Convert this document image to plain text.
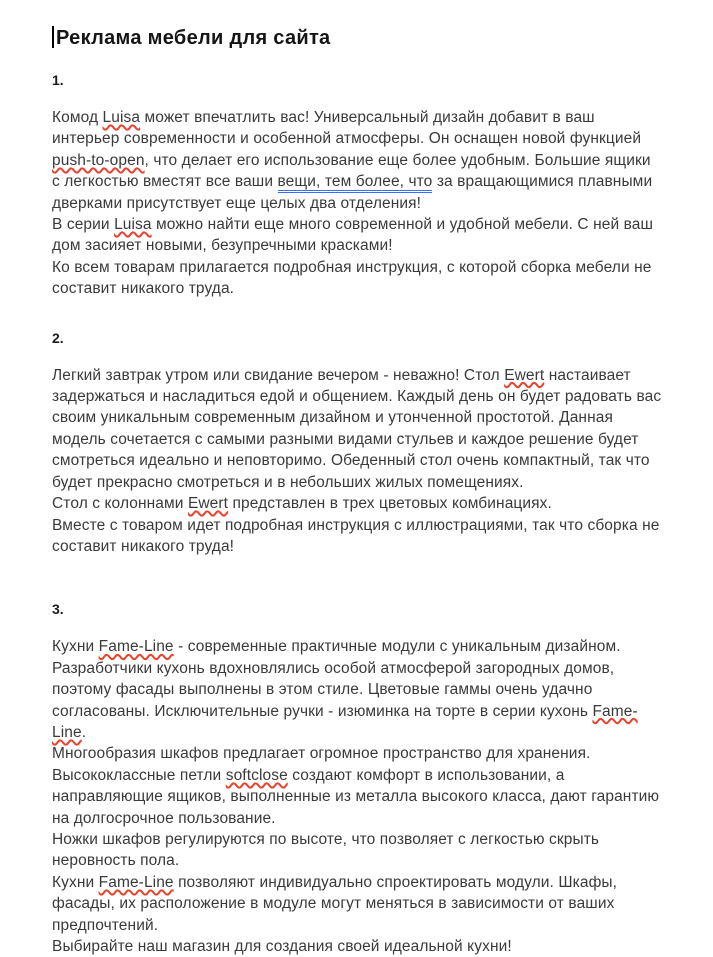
Реклама мебели для сайта
1.

Комод Luisa может впечатлить вас! Универсальный дизайн добавит в ваш интерьер современности и особенной атмосферы. Он оснащен новой функцией push-to-open, что делает его использование еще более удобным. Большие ящики с легкостью вместят все ваши вещи, тем более, что за вращающимися плавными дверками присутствует еще целых два отделения!

В серии Luisa можно найти еще много современной и удобной мебели. С ней ваш дом засияет новыми, безупречными красками!

Ко всем товарам прилагается подробная инструкция, с которой сборка мебели не составит никакого труда.

2.

Легкий завтрак утром или свидание вечером - неважно! Стол Ewert настаивает задержаться и насладиться едой и общением. Каждый день он будет радовать вас своим уникальным современным дизайном и утонченной простотой. Данная модель сочетается с самыми разными видами стульев и каждое решение будет смотреться идеально и неповторимо. Обеденный стол очень компактный, так что будет прекрасно смотреться и в небольших жилых помещениях.

Стол с колоннами Ewert представлен в трех цветовых комбинациях.

Вместе с товаром идет подробная инструкция с иллюстрациями, так что сборка не составит никакого труда!

3.

Кухни Fame-Line - современные практичные модули с уникальным дизайном. Разработчики кухонь вдохновлялись особой атмосферой загородных домов, поэтому фасады выполнены в этом стиле. Цветовые гаммы очень удачно согласованы. Исключительные ручки - изюминка на торте в серии кухонь Fame-Line.

Многообразия шкафов предлагает огромное пространство для хранения. Высококлассные петли softclose создают комфорт в использовании, а направляющие ящиков, выполненные из металла высокого класса, дают гарантию на долгосрочное пользование.

Ножки шкафов регулируются по высоте, что позволяет с легкостью скрыть неровность пола.

Кухни Fame-Line позволяют индивидуально спроектировать модули. Шкафы, фасады, их расположение в модуле могут меняться в зависимости от ваших предпочтений.

Выбирайте наш магазин для создания своей идеальной кухни!
